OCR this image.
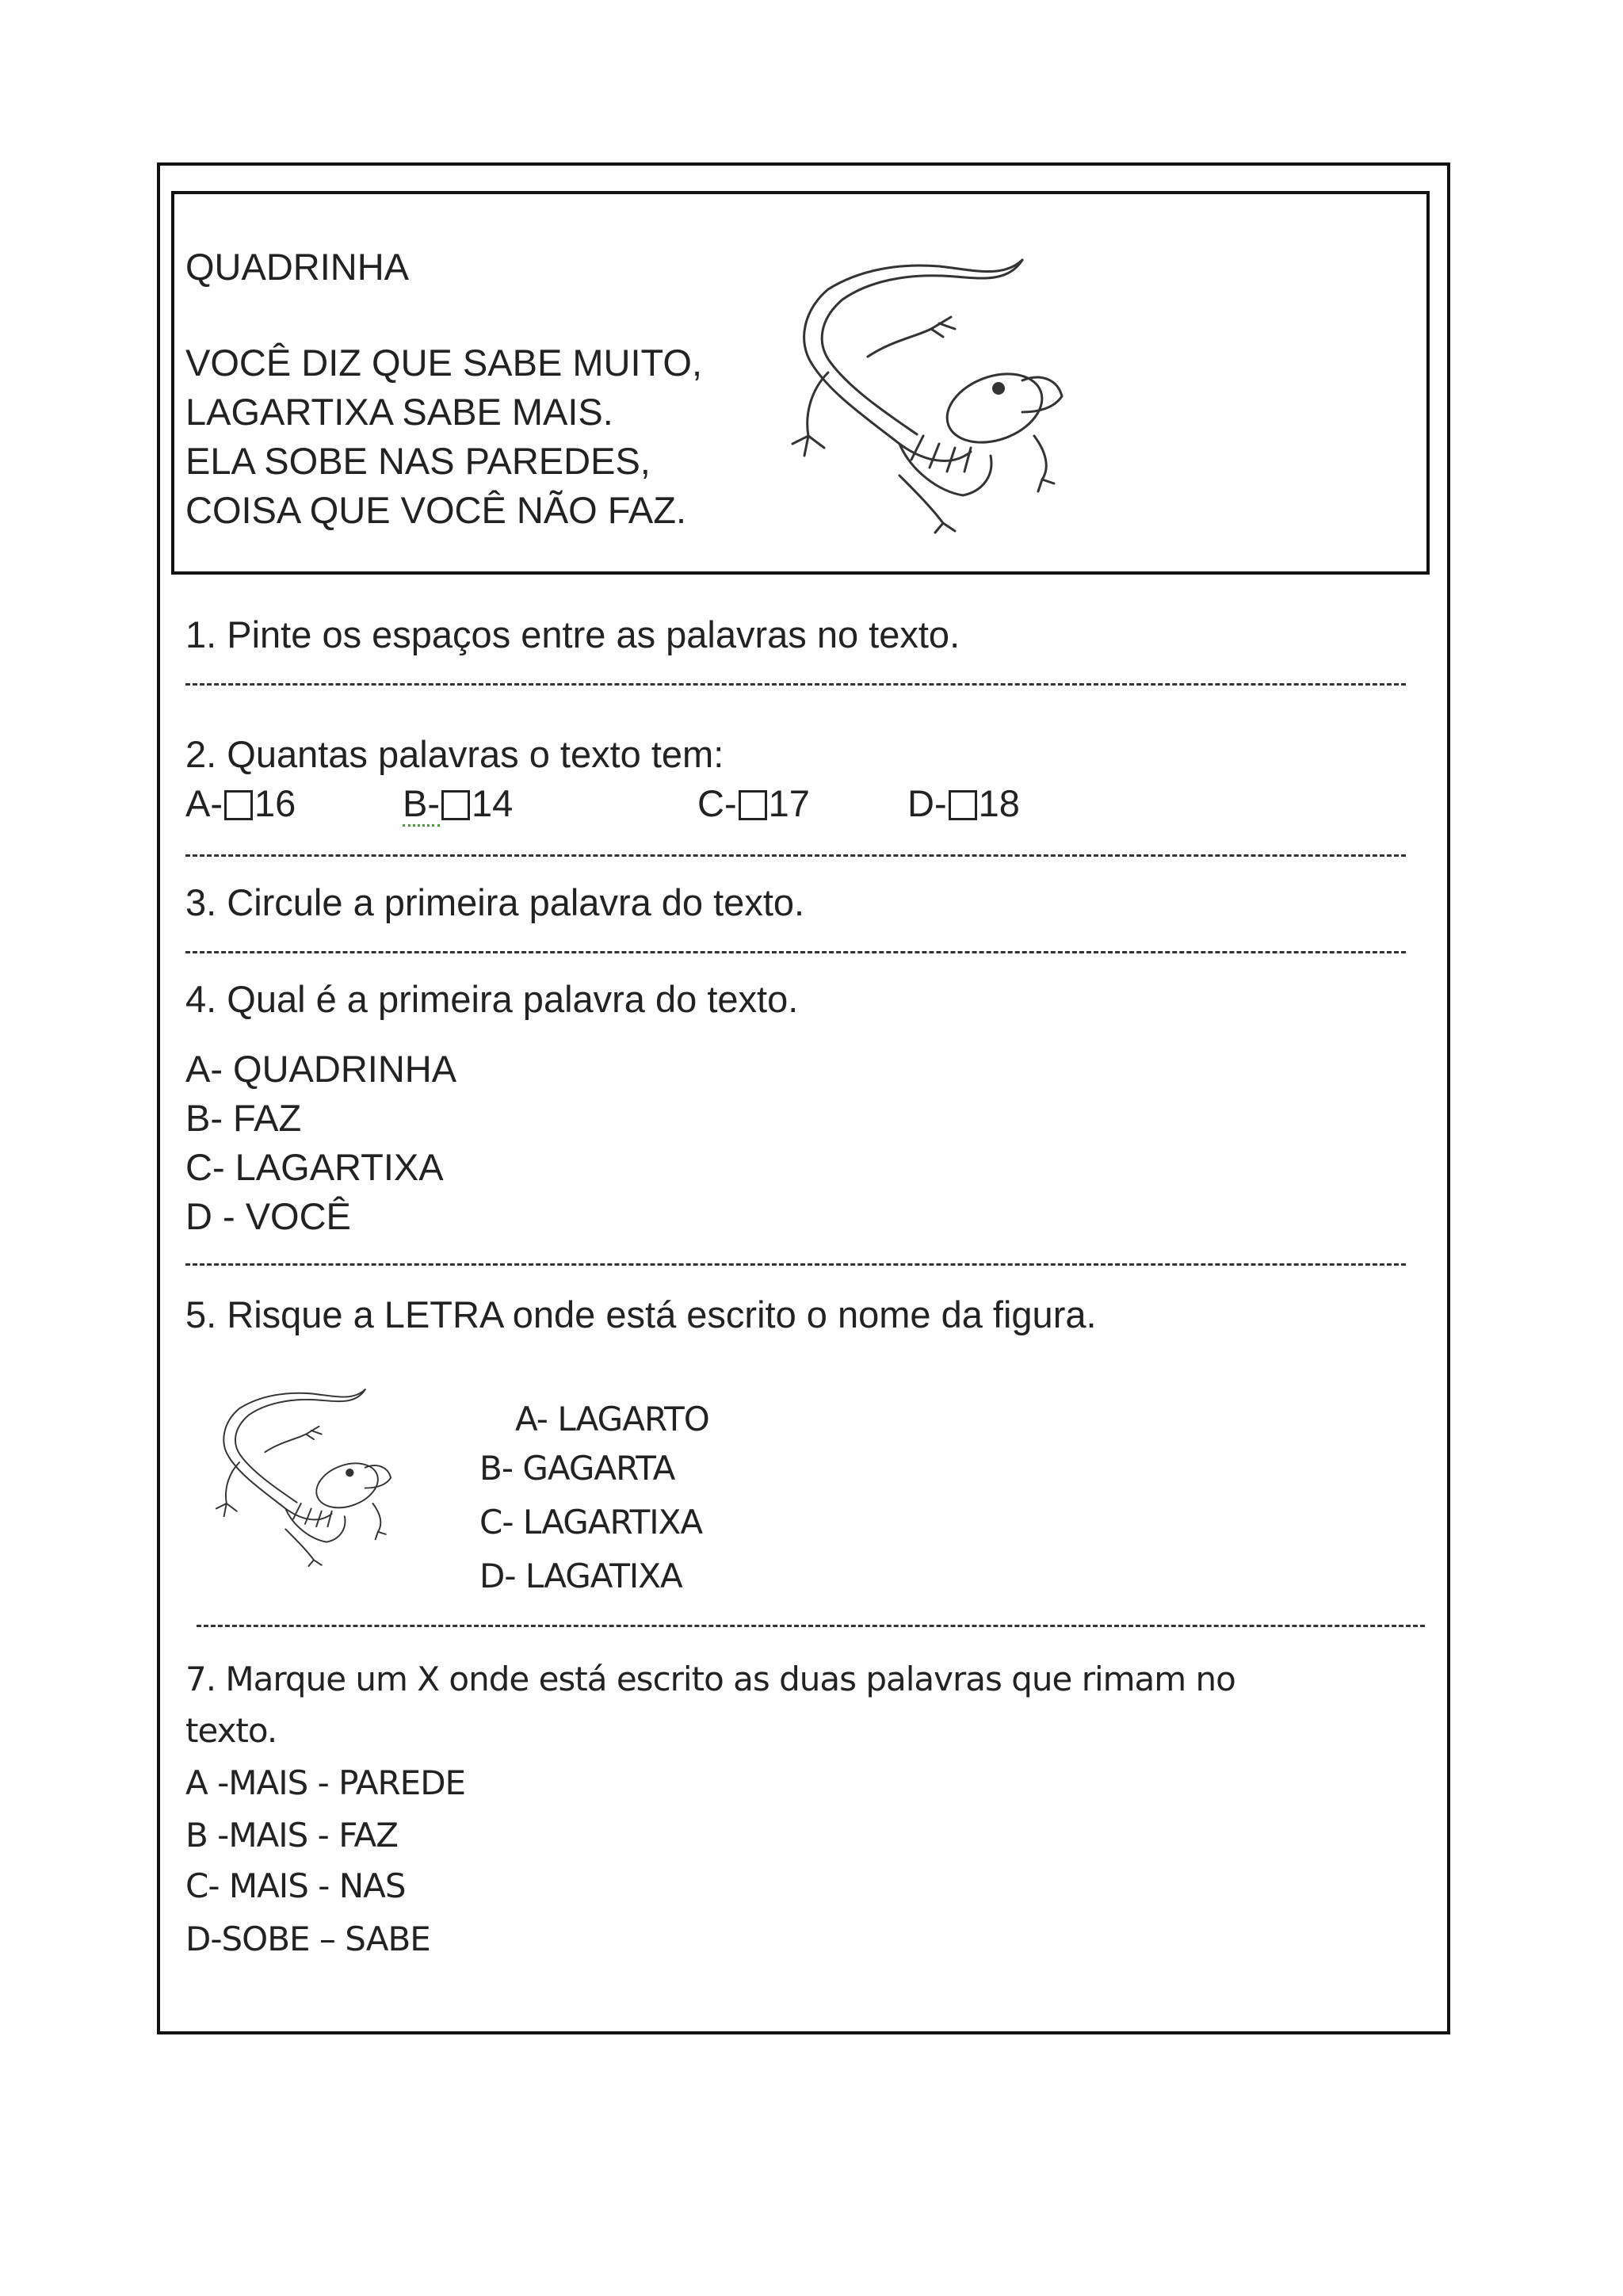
QUADRINHA
VOCÊ DIZ QUE SABE MUITO,
LAGARTIXA SABE MAIS.
ELA SOBE NAS PAREDES,
COISA QUE VOCÊ NÃO FAZ.
1. Pinte os espaços entre as palavras no texto.
2. Quantas palavras o texto tem:
A- 16	B- 14	C- 17	D- 18
3. Circule a primeira palavra do texto.
4. Qual é a primeira palavra do texto.
A- QUADRINHA
B- FAZ
C- LAGARTIXA
D - VOCÊ
5. Risque a LETRA onde está escrito o nome da figura.
A- LAGARTO
B- GAGARTA
C- LAGARTIXA
D- LAGATIXA
7. Marque um X onde está escrito as duas palavras que rimam no
texto.
A -MAIS - PAREDE
B -MAIS - FAZ
C- MAIS - NAS
D-SOBE – SABE
